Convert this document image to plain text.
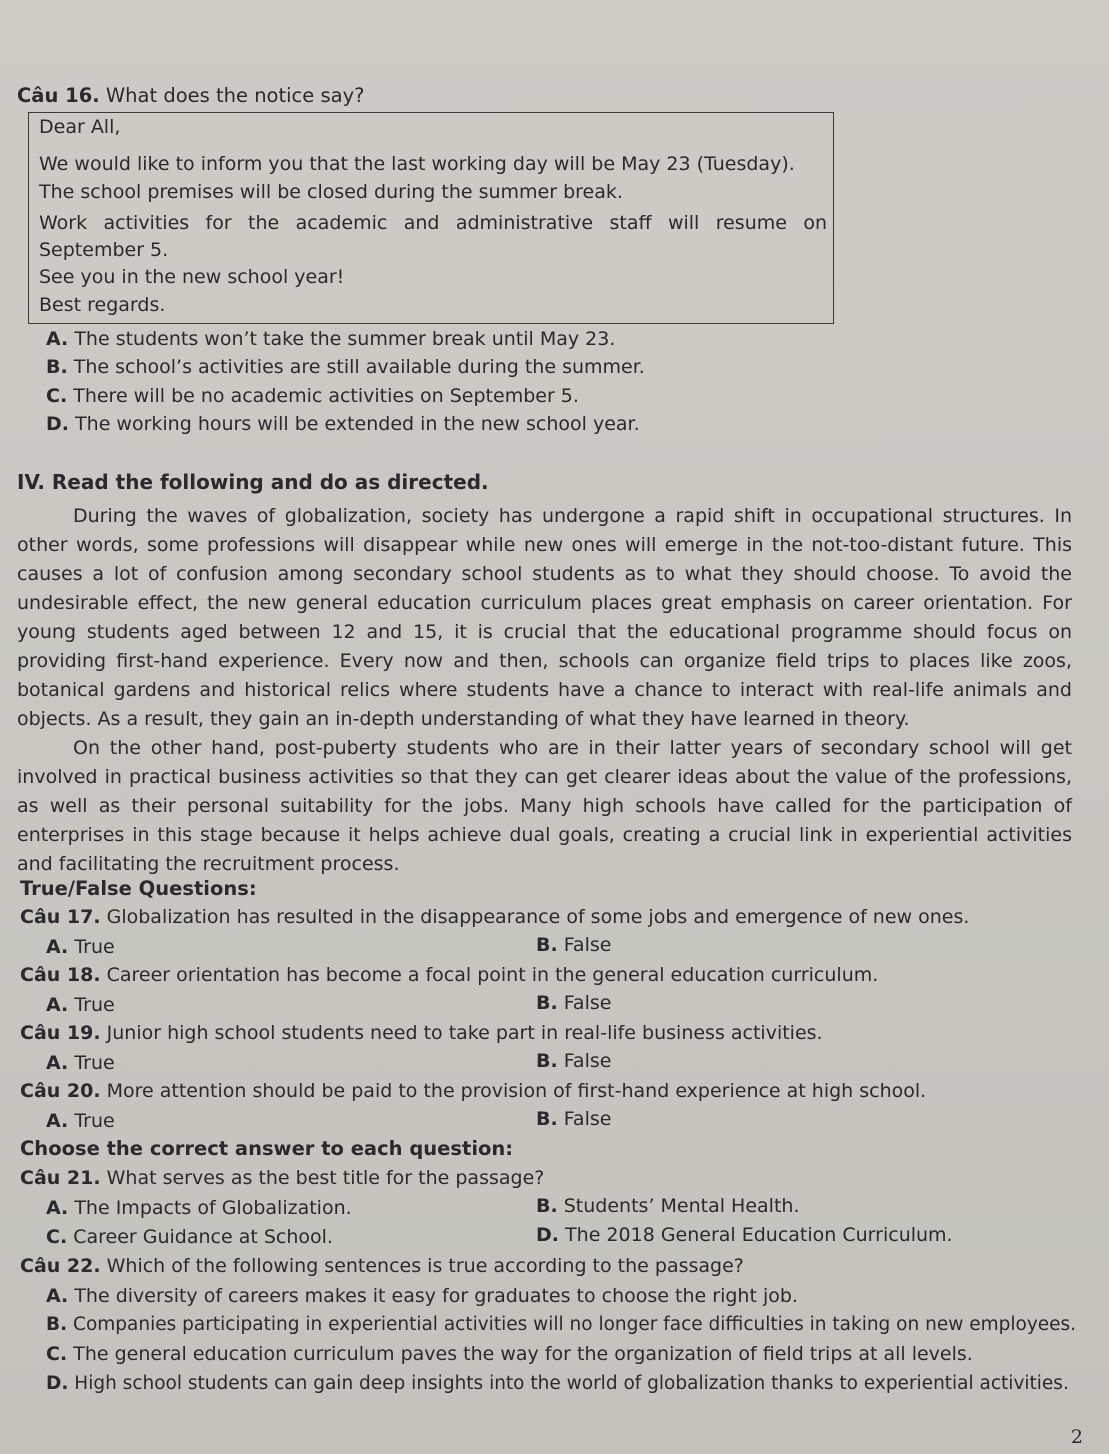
Câu 16. What does the notice say?

Dear All,

We would like to inform you that the last working day will be May 23 (Tuesday).

The school premises will be closed during the summer break.

Work activities for the academic and administrative staff will resume on September 5.

See you in the new school year!

Best regards.

A. The students won’t take the summer break until May 23.
B. The school’s activities are still available during the summer.
C. There will be no academic activities on September 5.
D. The working hours will be extended in the new school year.
IV. Read the following and do as directed.

During the waves of globalization, society has undergone a rapid shift in occupational structures. In other words, some professions will disappear while new ones will emerge in the not-too-distant future. This causes a lot of confusion among secondary school students as to what they should choose. To avoid the undesirable effect, the new general education curriculum places great emphasis on career orientation. For young students aged between 12 and 15, it is crucial that the educational programme should focus on providing first-hand experience. Every now and then, schools can organize field trips to places like zoos, botanical gardens and historical relics where students have a chance to interact with real-life animals and objects. As a result, they gain an in-depth understanding of what they have learned in theory.

On the other hand, post-puberty students who are in their latter years of secondary school will get involved in practical business activities so that they can get clearer ideas about the value of the professions, as well as their personal suitability for the jobs. Many high schools have called for the participation of enterprises in this stage because it helps achieve dual goals, creating a crucial link in experiential activities and facilitating the recruitment process.

True/False Questions:
Câu 17. Globalization has resulted in the disappearance of some jobs and emergence of new ones.
A. True	B. False
Câu 18. Career orientation has become a focal point in the general education curriculum.
A. True	B. False
Câu 19. Junior high school students need to take part in real-life business activities.
A. True	B. False
Câu 20. More attention should be paid to the provision of first-hand experience at high school.
A. True	B. False
Choose the correct answer to each question:
Câu 21. What serves as the best title for the passage?
A. The Impacts of Globalization.	B. Students’ Mental Health.
C. Career Guidance at School.	D. The 2018 General Education Curriculum.
Câu 22. Which of the following sentences is true according to the passage?
A. The diversity of careers makes it easy for graduates to choose the right job.
B. Companies participating in experiential activities will no longer face difficulties in taking on new employees.
C. The general education curriculum paves the way for the organization of field trips at all levels.
D. High school students can gain deep insights into the world of globalization thanks to experiential activities.
2
